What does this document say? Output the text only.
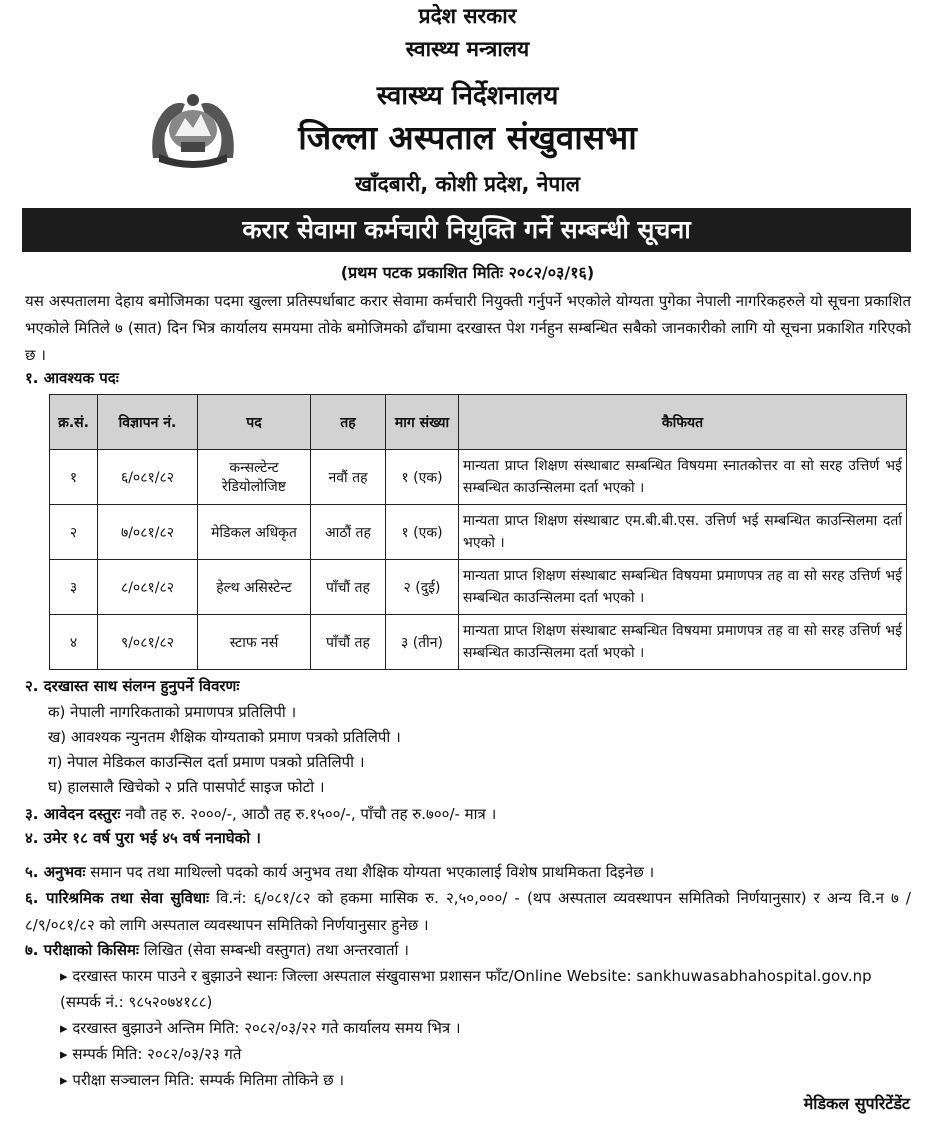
प्रदेश सरकार
स्वास्थ्य मन्त्रालय
स्वास्थ्य निर्देशनालय
जिल्ला अस्पताल संखुवासभा
खाँदबारी, कोशी प्रदेश, नेपाल
करार सेवामा कर्मचारी नियुक्ति गर्ने सम्बन्धी सूचना
(प्रथम पटक प्रकाशित मितिः २०८२/०३/१६)
यस अस्पतालमा देहाय बमोजिमका पदमा खुल्ला प्रतिस्पर्धाबाट करार सेवामा कर्मचारी नियुक्ती गर्नुपर्ने भएकोले योग्यता पुगेका नेपाली नागरिकहरुले यो सूचना प्रकाशित भएकोले मितिले ७ (सात) दिन भित्र कार्यालय समयमा तोके बमोजिमको ढाँचामा दरखास्त पेश गर्नहुन सम्बन्धित सबैको जानकारीको लागि यो सूचना प्रकाशित गरिएको छ ।
१. आवश्यक पदः
क्र.सं.	विज्ञापन नं.	पद	तह	माग संख्या	कैफियत
१	६/०८१/८२	कन्सल्टेन्ट रेडियोलोजिष्ट	नवौं तह	१ (एक)	मान्यता प्राप्त शिक्षण संस्थाबाट सम्बन्धित विषयमा स्नातकोत्तर वा सो सरह उत्तिर्ण भई सम्बन्धित काउन्सिलमा दर्ता भएको ।
२	७/०८१/८२	मेडिकल अधिकृत	आठौं तह	१ (एक)	मान्यता प्राप्त शिक्षण संस्थाबाट एम.बी.बी.एस. उत्तिर्ण भई सम्बन्धित काउन्सिलमा दर्ता भएको ।
३	८/०८१/८२	हेल्थ असिस्टेन्ट	पाँचौं तह	२ (दुई)	मान्यता प्राप्त शिक्षण संस्थाबाट सम्बन्धित विषयमा प्रमाणपत्र तह वा सो सरह उत्तिर्ण भई सम्बन्धित काउन्सिलमा दर्ता भएको ।
४	९/०८१/८२	स्टाफ नर्स	पाँचौं तह	३ (तीन)	मान्यता प्राप्त शिक्षण संस्थाबाट सम्बन्धित विषयमा प्रमाणपत्र तह वा सो सरह उत्तिर्ण भई सम्बन्धित काउन्सिलमा दर्ता भएको ।
२. दरखास्त साथ संलग्न हुनुपर्ने विवरणः
क) नेपाली नागरिकताको प्रमाणपत्र प्रतिलिपी ।
ख) आवश्यक न्युनतम शैक्षिक योग्यताको प्रमाण पत्रको प्रतिलिपी ।
ग) नेपाल मेडिकल काउन्सिल दर्ता प्रमाण पत्रको प्रतिलिपी ।
घ) हालसालै खिचेको २ प्रति पासपोर्ट साइज फोटो ।
३. आवेदन दस्तुरः नवौ तह रु. २०००/-, आठौ तह रु.१५००/-, पाँचौ तह रु.७००/- मात्र ।
४. उमेर १८ वर्ष पुरा भई ४५ वर्ष ननाघेको ।
५. अनुभवः समान पद तथा माथिल्लो पदको कार्य अनुभव तथा शैक्षिक योग्यता भएकालाई विशेष प्राथमिकता दिइनेछ ।
६. पारिश्रमिक तथा सेवा सुविधाः वि.नं: ६/०८१/८२ को हकमा मासिक रु. २,५०,०००/ - (थप अस्पताल व्यवस्थापन समितिको निर्णयानुसार) र अन्य वि.न ७ / ८/९/०८१/८२ को लागि अस्पताल व्यवस्थापन समितिको निर्णयानुसार हुनेछ ।
७. परीक्षाको किसिमः लिखित (सेवा सम्बन्धी वस्तुगत) तथा अन्तरवार्ता ।
▸ दरखास्त फारम पाउने र बुझाउने स्थानः जिल्ला अस्पताल संखुवासभा प्रशासन फाँट/Online Website: sankhuwasabhahospital.gov.np (सम्पर्क नं.: ९८५२०७४१८८)
▸ दरखास्त बुझाउने अन्तिम मिति: २०८२/०३/२२ गते कार्यालय समय भित्र ।
▸ सम्पर्क मिति: २०८२/०३/२३ गते
▸ परीक्षा सञ्चालन मिति: सम्पर्क मितिमा तोकिने छ ।
मेडिकल सुपरिटेंडेंट
